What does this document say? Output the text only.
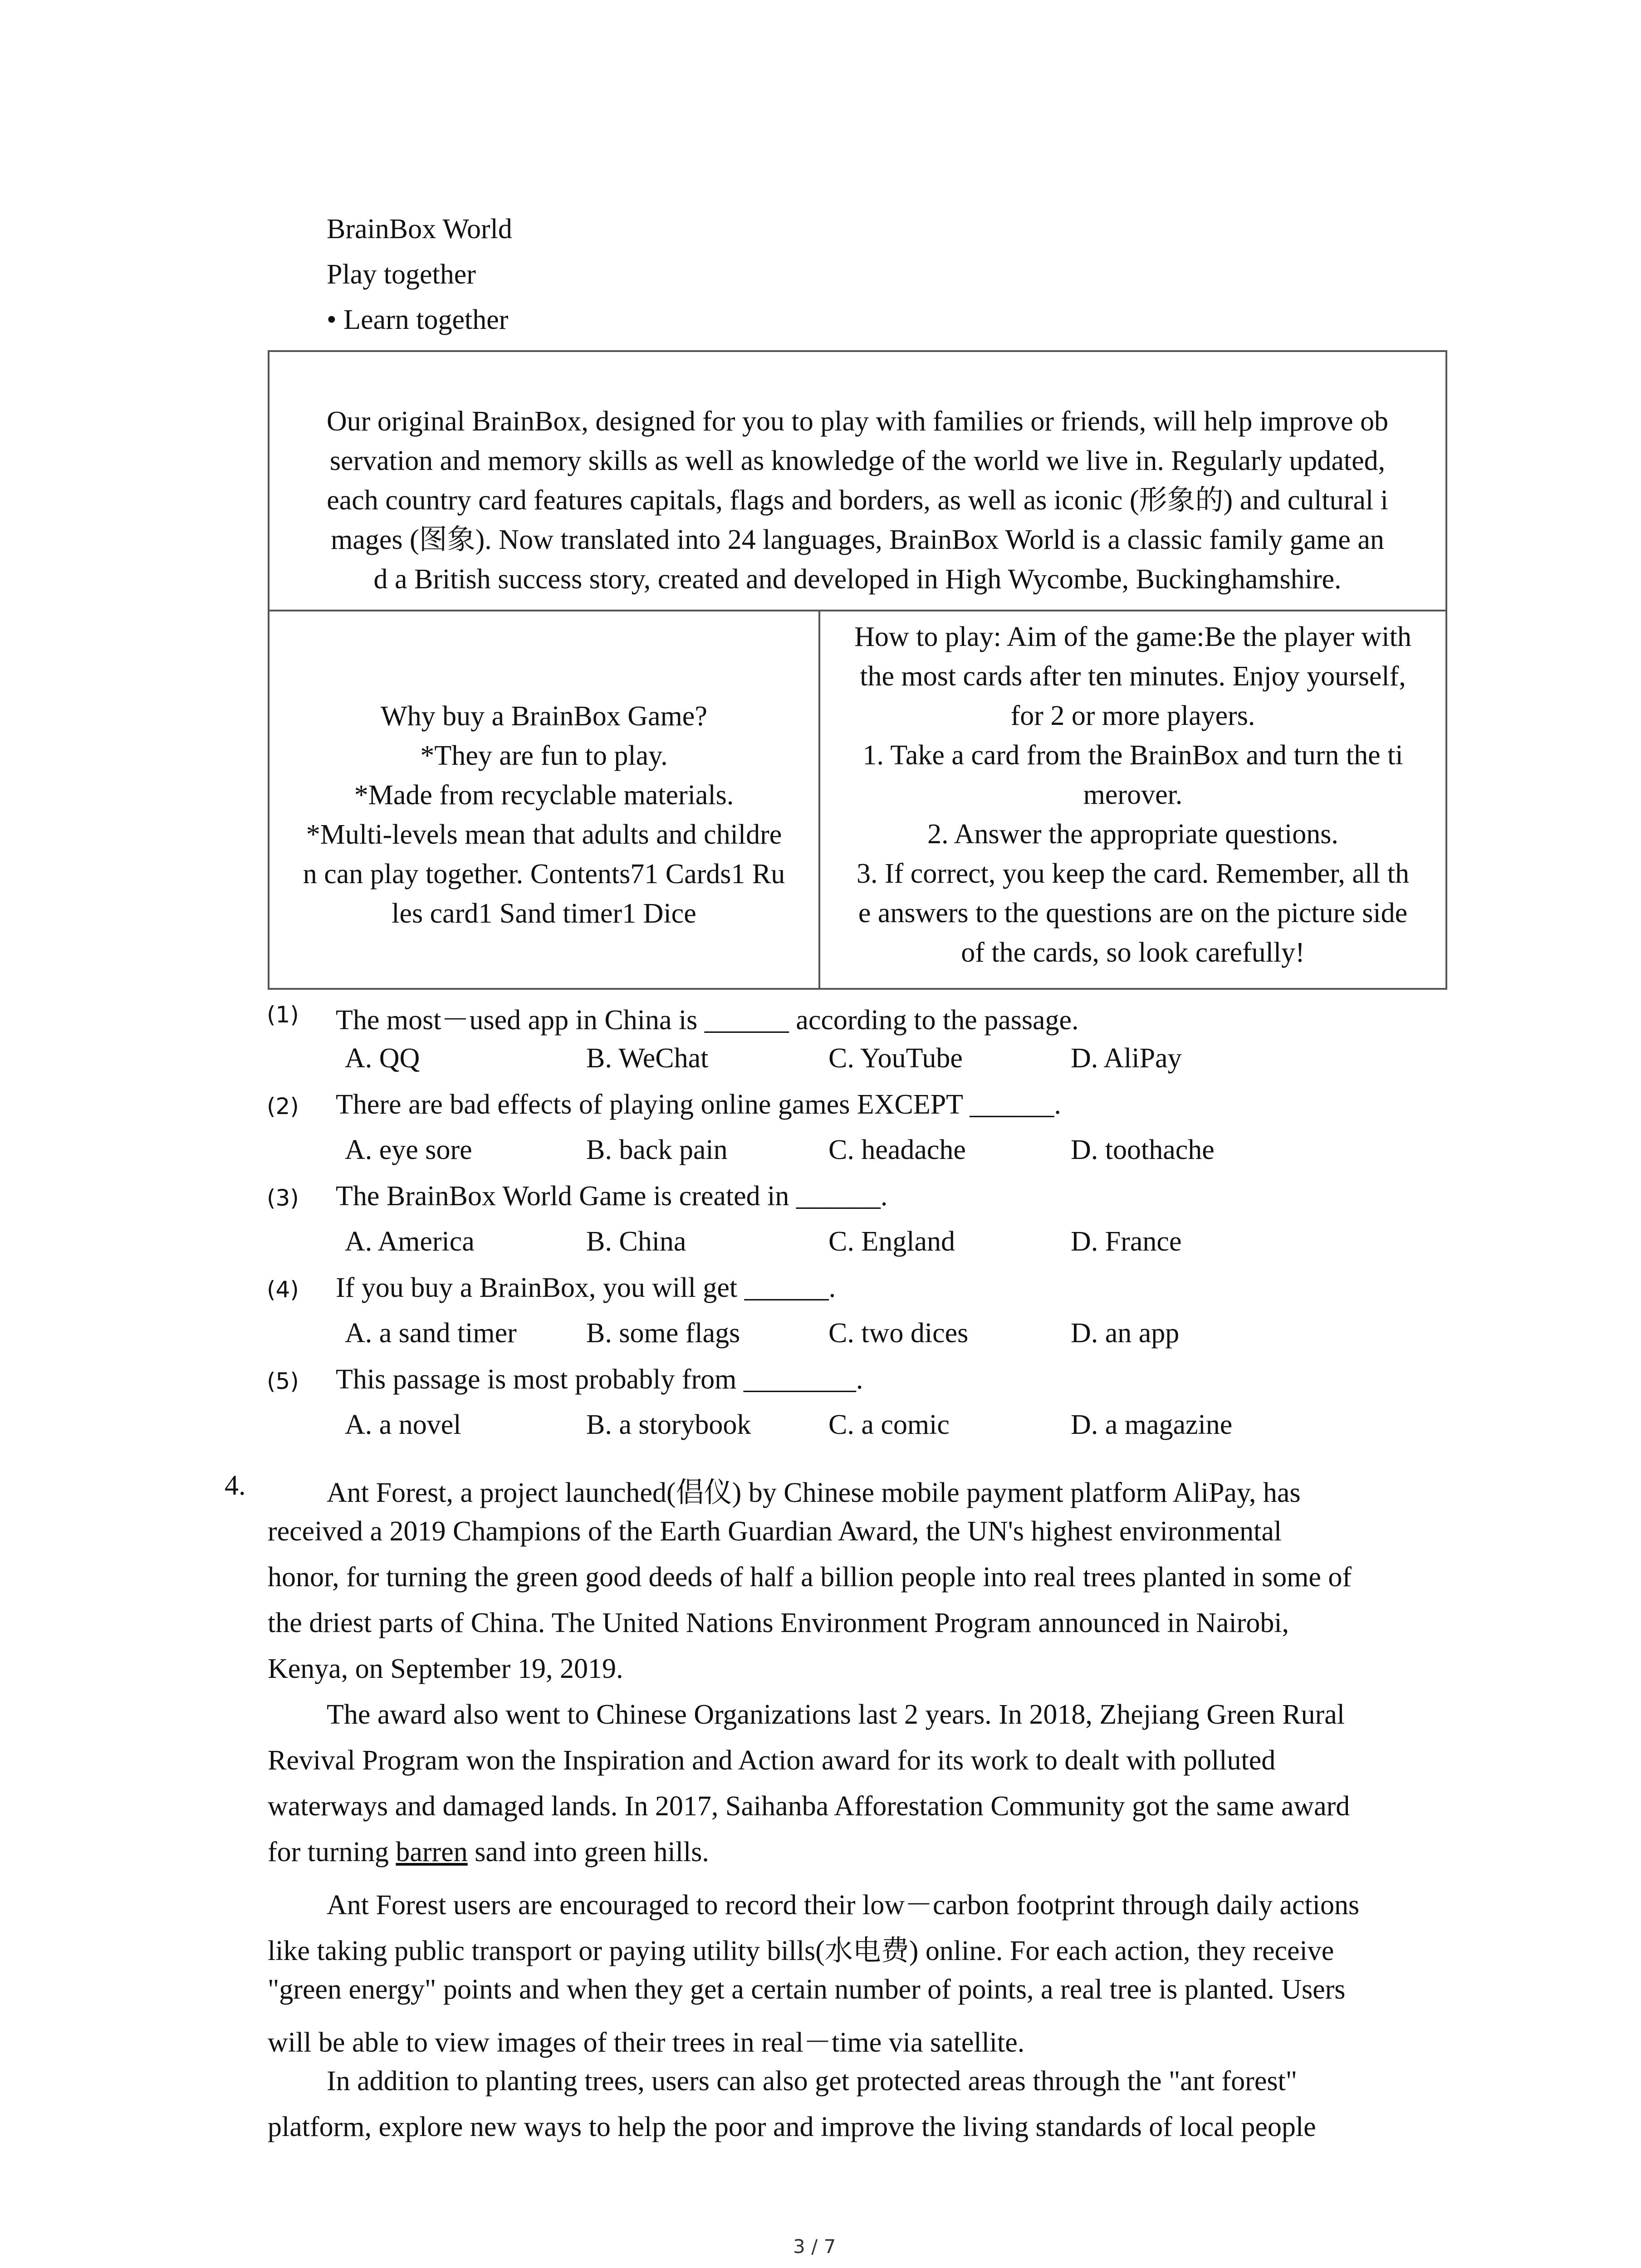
BrainBox World
Play together
• Learn together
Our original BrainBox, designed for you to play with families or friends, will help improve ob
servation and memory skills as well as knowledge of the world we live in. Regularly updated,
each country card features capitals, flags and borders, as well as iconic (形象的) and cultural i
mages (图象). Now translated into 24 languages, BrainBox World is a classic family game an
d a British success story, created and developed in High Wycombe, Buckinghamshire.
Why buy a BrainBox Game?
*They are fun to play.
*Made from recyclable materials.
*Multi-levels mean that adults and childre
n can play together. Contents71 Cards1 Ru
les card1 Sand timer1 Dice
How to play: Aim of the game:Be the player with
the most cards after ten minutes. Enjoy yourself,
for 2 or more players.
1. Take a card from the BrainBox and turn the ti
merover.
2. Answer the appropriate questions.
3. If correct, you keep the card. Remember, all th
e answers to the questions are on the picture side
of the cards, so look carefully!
(1) The most－used app in China is ______ according to the passage.
A. QQ	B. WeChat	C. YouTube	D. AliPay
(2) There are bad effects of playing online games EXCEPT ______.
A. eye sore	B. back pain	C. headache	D. toothache
(3) The BrainBox World Game is created in ______.
A. America	B. China	C. England	D. France
(4) If you buy a BrainBox, you will get ______.
A. a sand timer B. some flags	C. two dices	D. an app
(5) This passage is most probably from ________.
A. a novel	B. a storybook	C. a comic	D. a magazine
4.	Ant Forest, a project launched(倡仪) by Chinese mobile payment platform AliPay, has
received a 2019 Champions of the Earth Guardian Award, the UN's highest environmental
honor, for turning the green good deeds of half a billion people into real trees planted in some of
the driest parts of China. The United Nations Environment Program announced in Nairobi,
Kenya, on September 19, 2019.
The award also went to Chinese Organizations last 2 years. In 2018, Zhejiang Green Rural
Revival Program won the Inspiration and Action award for its work to dealt with polluted
waterways and damaged lands. In 2017, Saihanba Afforestation Community got the same award
for turning barren sand into green hills.
Ant Forest users are encouraged to record their low－carbon footprint through daily actions
like taking public transport or paying utility bills(水电费) online. For each action, they receive
"green energy" points and when they get a certain number of points, a real tree is planted. Users
will be able to view images of their trees in real－time via satellite.
In addition to planting trees, users can also get protected areas through the "ant forest"
platform, explore new ways to help the poor and improve the living standards of local people
3 / 7
